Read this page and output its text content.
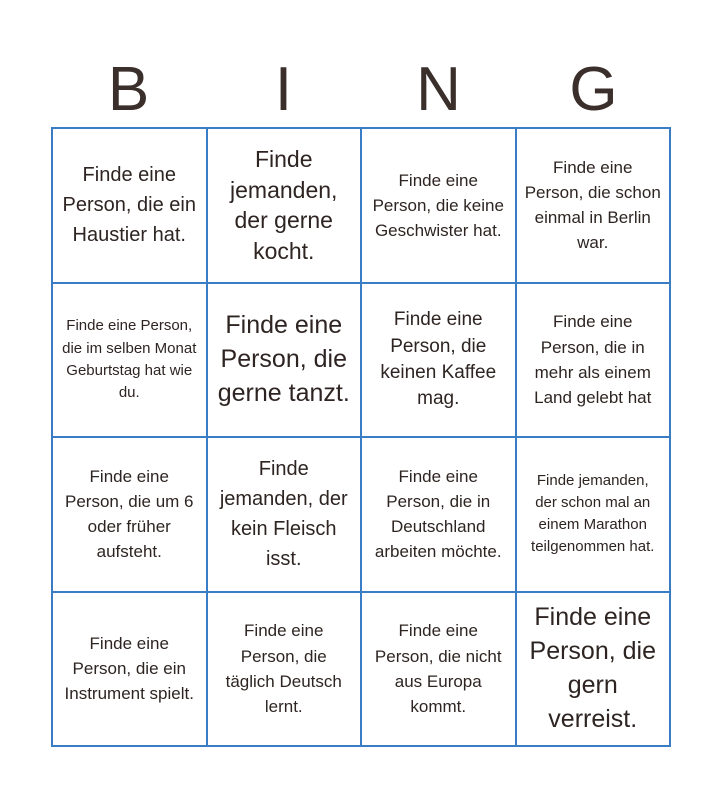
B	I	N	G
Finde eine Person, die ein Haustier hat.
Finde jemanden, der gerne kocht.
Finde eine Person, die keine Geschwister hat.
Finde eine Person, die schon einmal in Berlin war.
Finde eine Person, die im selben Monat Geburtstag hat wie du.
Finde eine Person, die gerne tanzt.
Finde eine Person, die keinen Kaffee mag.
Finde eine Person, die in mehr als einem Land gelebt hat
Finde eine Person, die um 6 oder früher aufsteht.
Finde jemanden, der kein Fleisch isst.
Finde eine Person, die in Deutschland arbeiten möchte.
Finde jemanden, der schon mal an einem Marathon teilgenommen hat.
Finde eine Person, die ein Instrument spielt.
Finde eine Person, die täglich Deutsch lernt.
Finde eine Person, die nicht aus Europa kommt.
Finde eine Person, die gern verreist.
